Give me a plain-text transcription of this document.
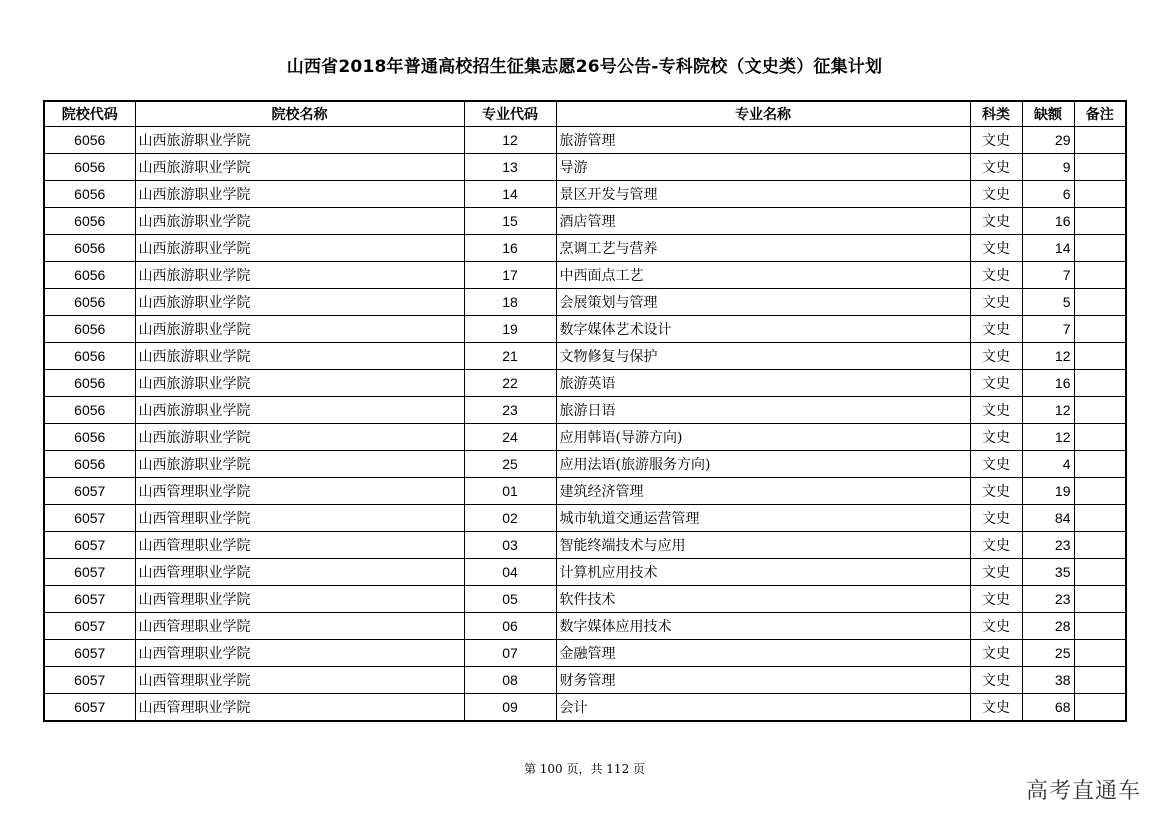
山西省2018年普通高校招生征集志愿26号公告-专科院校（文史类）征集计划
院校代码	院校名称	专业代码	专业名称	科类	缺额	备注
6056	山西旅游职业学院	12	旅游管理	文史	29	
6056	山西旅游职业学院	13	导游	文史	9	
6056	山西旅游职业学院	14	景区开发与管理	文史	6	
6056	山西旅游职业学院	15	酒店管理	文史	16	
6056	山西旅游职业学院	16	烹调工艺与营养	文史	14	
6056	山西旅游职业学院	17	中西面点工艺	文史	7	
6056	山西旅游职业学院	18	会展策划与管理	文史	5	
6056	山西旅游职业学院	19	数字媒体艺术设计	文史	7	
6056	山西旅游职业学院	21	文物修复与保护	文史	12	
6056	山西旅游职业学院	22	旅游英语	文史	16	
6056	山西旅游职业学院	23	旅游日语	文史	12	
6056	山西旅游职业学院	24	应用韩语(导游方向)	文史	12	
6056	山西旅游职业学院	25	应用法语(旅游服务方向)	文史	4	
6057	山西管理职业学院	01	建筑经济管理	文史	19	
6057	山西管理职业学院	02	城市轨道交通运营管理	文史	84	
6057	山西管理职业学院	03	智能终端技术与应用	文史	23	
6057	山西管理职业学院	04	计算机应用技术	文史	35	
6057	山西管理职业学院	05	软件技术	文史	23	
6057	山西管理职业学院	06	数字媒体应用技术	文史	28	
6057	山西管理职业学院	07	金融管理	文史	25	
6057	山西管理职业学院	08	财务管理	文史	38	
6057	山西管理职业学院	09	会计	文史	68	
第 100 页，共 112 页
高考直通车
